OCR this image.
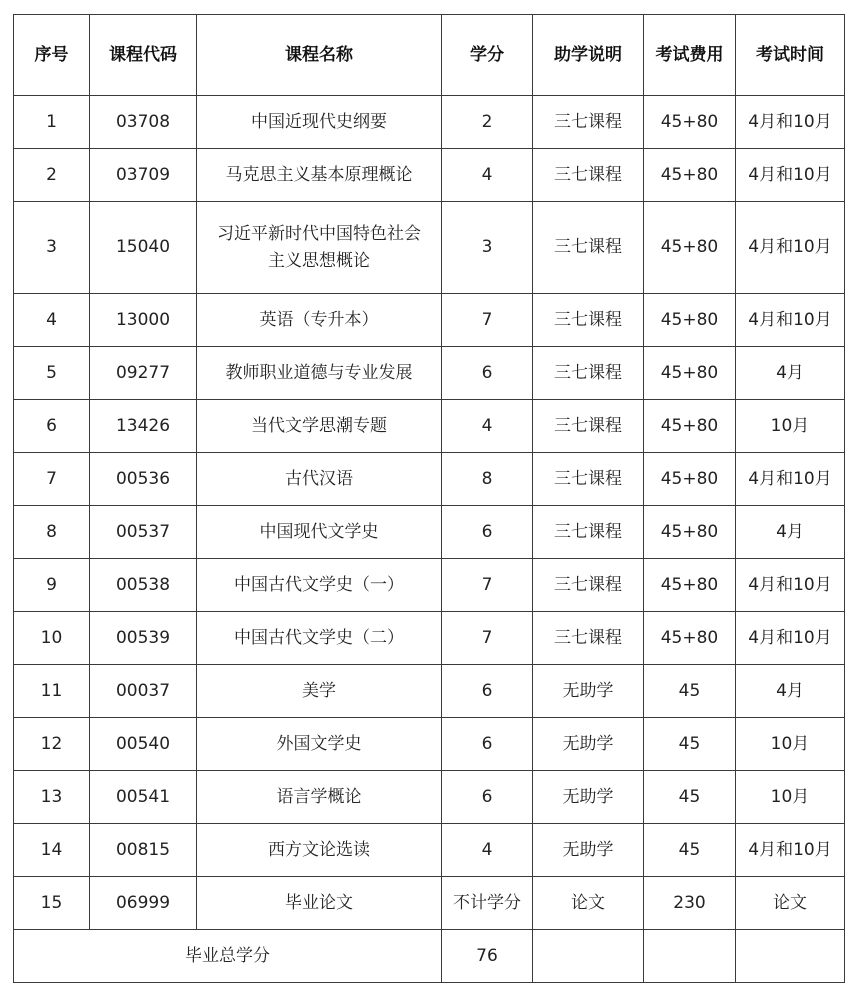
序号	课程代码	课程名称	学分	助学说明	考试费用	考试时间
1	03708	中国近现代史纲要	2	三七课程	45+80	4月和10月
2	03709	马克思主义基本原理概论	4	三七课程	45+80	4月和10月
3	15040	习近平新时代中国特色社会主义思想概论	3	三七课程	45+80	4月和10月
4	13000	英语（专升本）	7	三七课程	45+80	4月和10月
5	09277	教师职业道德与专业发展	6	三七课程	45+80	4月
6	13426	当代文学思潮专题	4	三七课程	45+80	10月
7	00536	古代汉语	8	三七课程	45+80	4月和10月
8	00537	中国现代文学史	6	三七课程	45+80	4月
9	00538	中国古代文学史（一）	7	三七课程	45+80	4月和10月
10	00539	中国古代文学史（二）	7	三七课程	45+80	4月和10月
11	00037	美学	6	无助学	45	4月
12	00540	外国文学史	6	无助学	45	10月
13	00541	语言学概论	6	无助学	45	10月
14	00815	西方文论选读	4	无助学	45	4月和10月
15	06999	毕业论文	不计学分	论文	230	论文
毕业总学分			76			
